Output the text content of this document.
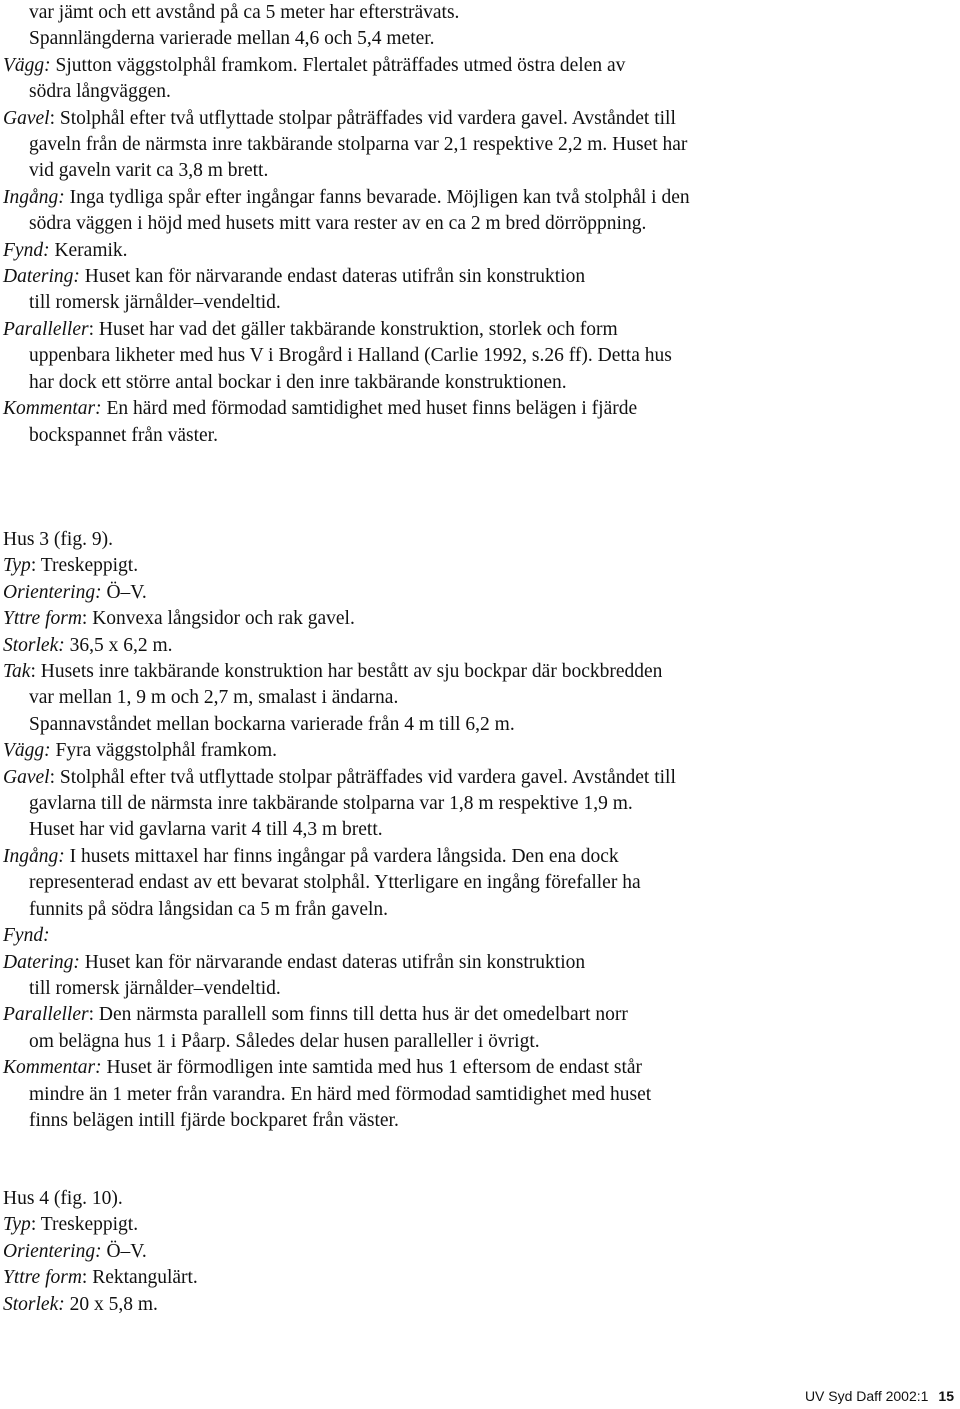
var jämt och ett avstånd på ca 5 meter har eftersträvats.
Spannlängderna varierade mellan 4,6 och 5,4 meter.
Vägg: Sjutton väggstolphål framkom. Flertalet påträffades utmed östra delen av södra långväggen.
Gavel: Stolphål efter två utflyttade stolpar påträffades vid vardera gavel. Avståndet till gaveln från de närmsta inre takbärande stolparna var 2,1 respektive 2,2 m. Huset har vid gaveln varit ca 3,8 m brett.
Ingång: Inga tydliga spår efter ingångar fanns bevarade. Möjligen kan två stolphål i den södra väggen i höjd med husets mitt vara rester av en ca 2 m bred dörröppning.
Fynd: Keramik.
Datering: Huset kan för närvarande endast dateras utifrån sin konstruktion till romersk järnålder–vendeltid.
Paralleller: Huset har vad det gäller takbärande konstruktion, storlek och form uppenbara likheter med hus V i Brogård i Halland (Carlie 1992, s.26 ff). Detta hus har dock ett större antal bockar i den inre takbärande konstruktionen.
Kommentar: En härd med förmodad samtidighet med huset finns belägen i fjärde bockspannet från väster.
Hus 3 (fig. 9).
Typ: Treskeppigt.
Orientering: Ö–V.
Yttre form: Konvexa långsidor och rak gavel.
Storlek: 36,5 x 6,2 m.
Tak: Husets inre takbärande konstruktion har bestått av sju bockpar där bockbredden var mellan 1, 9 m och 2,7 m, smalast i ändarna.
Spannavståndet mellan bockarna varierade från 4 m till 6,2 m.
Vägg: Fyra väggstolphål framkom.
Gavel: Stolphål efter två utflyttade stolpar påträffades vid vardera gavel. Avståndet till gavlarna till de närmsta inre takbärande stolparna var 1,8 m respektive 1,9 m. Huset har vid gavlarna varit 4 till 4,3 m brett.
Ingång: I husets mittaxel har finns ingångar på vardera långsida. Den ena dock representerad endast av ett bevarat stolphål. Ytterligare en ingång förefaller ha funnits på södra långsidan ca 5 m från gaveln.
Fynd:
Datering: Huset kan för närvarande endast dateras utifrån sin konstruktion till romersk järnålder–vendeltid.
Paralleller: Den närmsta parallell som finns till detta hus är det omedelbart norr om belägna hus 1 i Påarp. Således delar husen paralleller i övrigt.
Kommentar: Huset är förmodligen inte samtida med hus 1 eftersom de endast står mindre än 1 meter från varandra. En härd med förmodad samtidighet med huset finns belägen intill fjärde bockparet från väster.
Hus 4 (fig. 10).
Typ: Treskeppigt.
Orientering: Ö–V.
Yttre form: Rektangulärt.
Storlek: 20 x 5,8 m.
UV Syd Daff 2002:1 15
